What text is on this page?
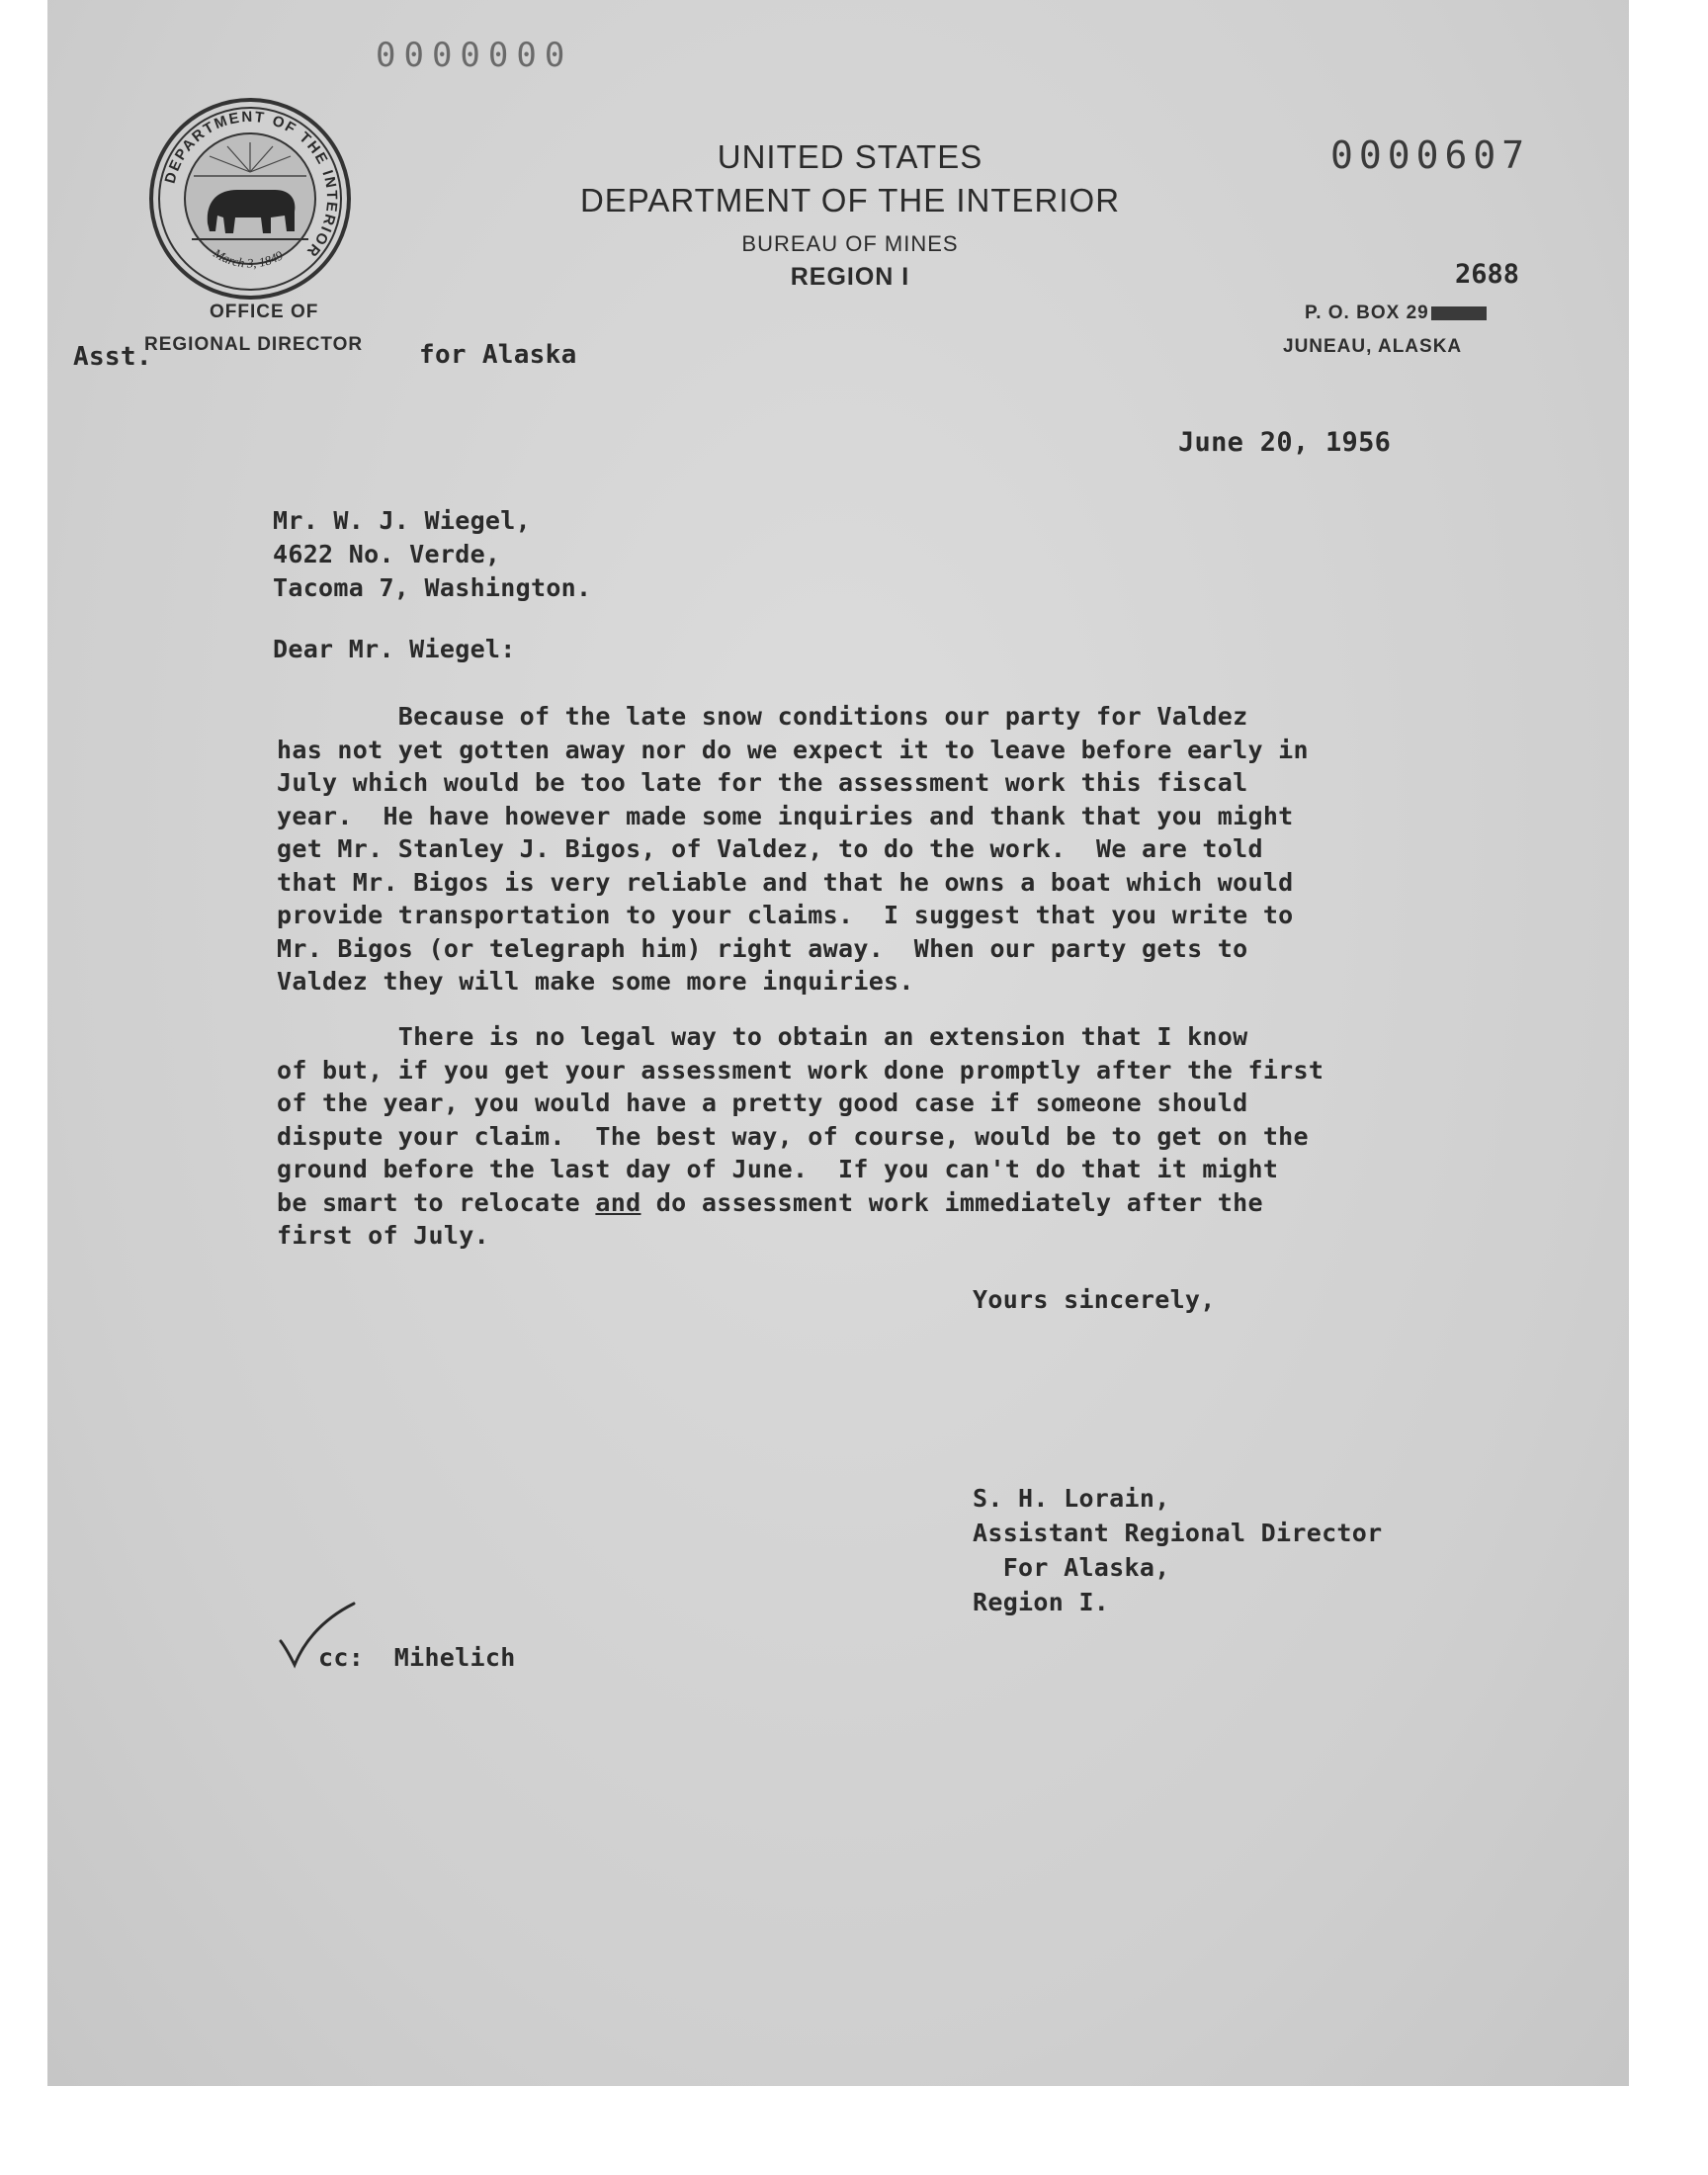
0000000
0000607
DEPARTMENT OF THE INTERIOR
March 3, 1849
UNITED STATES
DEPARTMENT OF THE INTERIOR
BUREAU OF MINES
REGION I
OFFICE OF
Asst.
REGIONAL DIRECTOR for Alaska
2688
P. O. BOX 29
JUNEAU, ALASKA
June 20, 1956
Mr. W. J. Wiegel,
4622 No. Verde,
Tacoma 7, Washington.
Dear Mr. Wiegel:
Because of the late snow conditions our party for Valdez
has not yet gotten away nor do we expect it to leave before early in
July which would be too late for the assessment work this fiscal
year.  He have however made some inquiries and thank that you might
get Mr. Stanley J. Bigos, of Valdez, to do the work.  We are told
that Mr. Bigos is very reliable and that he owns a boat which would
provide transportation to your claims.  I suggest that you write to
Mr. Bigos (or telegraph him) right away.  When our party gets to
Valdez they will make some more inquiries.
There is no legal way to obtain an extension that I know
of but, if you get your assessment work done promptly after the first
of the year, you would have a pretty good case if someone should
dispute your claim.  The best way, of course, would be to get on the
ground before the last day of June.  If you can't do that it might
be smart to relocate and do assessment work immediately after the
first of July.
Yours sincerely,
S. H. Lorain,
Assistant Regional Director
For Alaska,
Region I.
cc:  Mihelich
